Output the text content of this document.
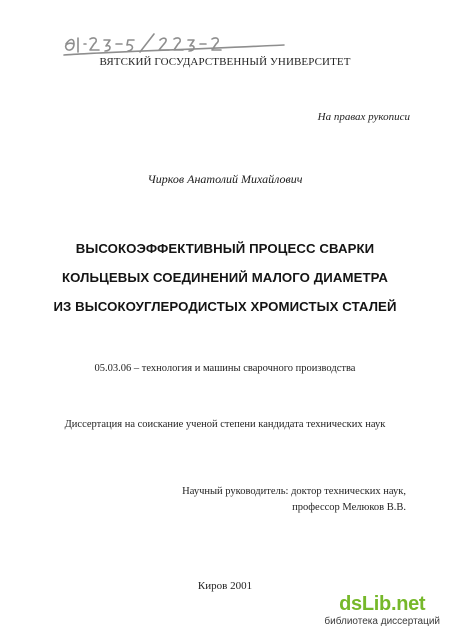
ВЯТСКИЙ ГОСУДАРСТВЕННЫЙ УНИВЕРСИТЕТ
На правах рукописи
Чирков Анатолий Михайлович
ВЫСОКОЭФФЕКТИВНЫЙ ПРОЦЕСС СВАРКИ
КОЛЬЦЕВЫХ СОЕДИНЕНИЙ МАЛОГО ДИАМЕТРА
ИЗ ВЫСОКОУГЛЕРОДИСТЫХ ХРОМИСТЫХ СТАЛЕЙ
05.03.06 – технология и машины сварочного производства
Диссертация на соискание ученой степени кандидата технических наук
Научный руководитель: доктор технических наук,
профессор Мелюков В.В.
Киров 2001
dsLib.net
библиотека диссертаций
